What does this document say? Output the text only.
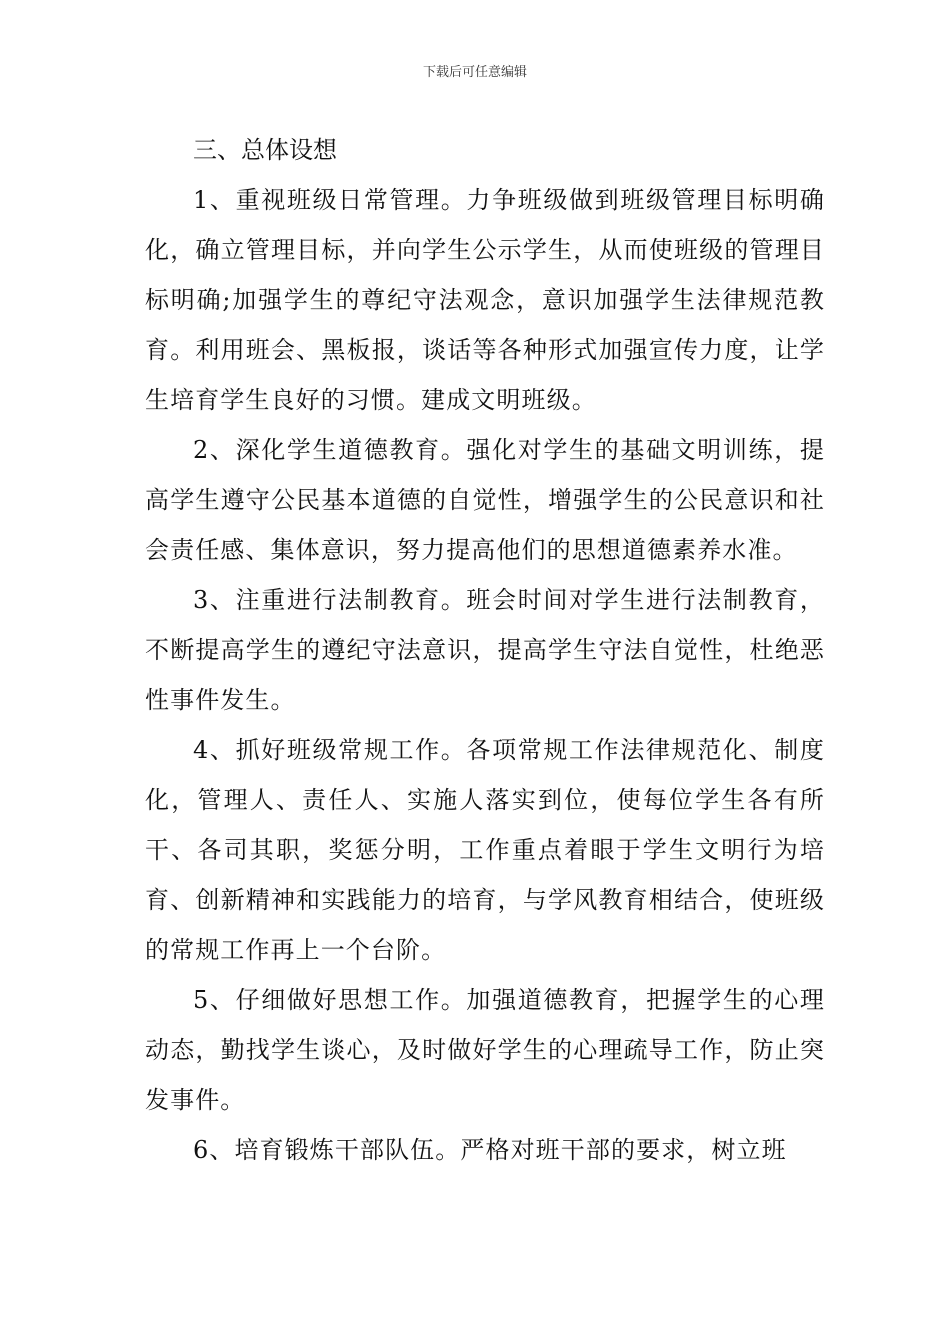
下载后可任意编辑
三、总体设想

1、重视班级日常管理。力争班级做到班级管理目标明确化，确立管理目标，并向学生公示学生，从而使班级的管理目标明确;加强学生的尊纪守法观念，意识加强学生法律规范教育。利用班会、黑板报，谈话等各种形式加强宣传力度，让学生培育学生良好的习惯。建成文明班级。

2、深化学生道德教育。强化对学生的基础文明训练，提高学生遵守公民基本道德的自觉性，增强学生的公民意识和社会责任感、集体意识，努力提高他们的思想道德素养水准。

3、注重进行法制教育。班会时间对学生进行法制教育，不断提高学生的遵纪守法意识，提高学生守法自觉性，杜绝恶性事件发生。

4、抓好班级常规工作。各项常规工作法律规范化、制度化，管理人、责任人、实施人落实到位，使每位学生各有所干、各司其职，奖惩分明，工作重点着眼于学生文明行为培育、创新精神和实践能力的培育，与学风教育相结合，使班级的常规工作再上一个台阶。

5、仔细做好思想工作。加强道德教育，把握学生的心理动态，勤找学生谈心，及时做好学生的心理疏导工作，防止突发事件。

6、培育锻炼干部队伍。严格对班干部的要求，树立班
